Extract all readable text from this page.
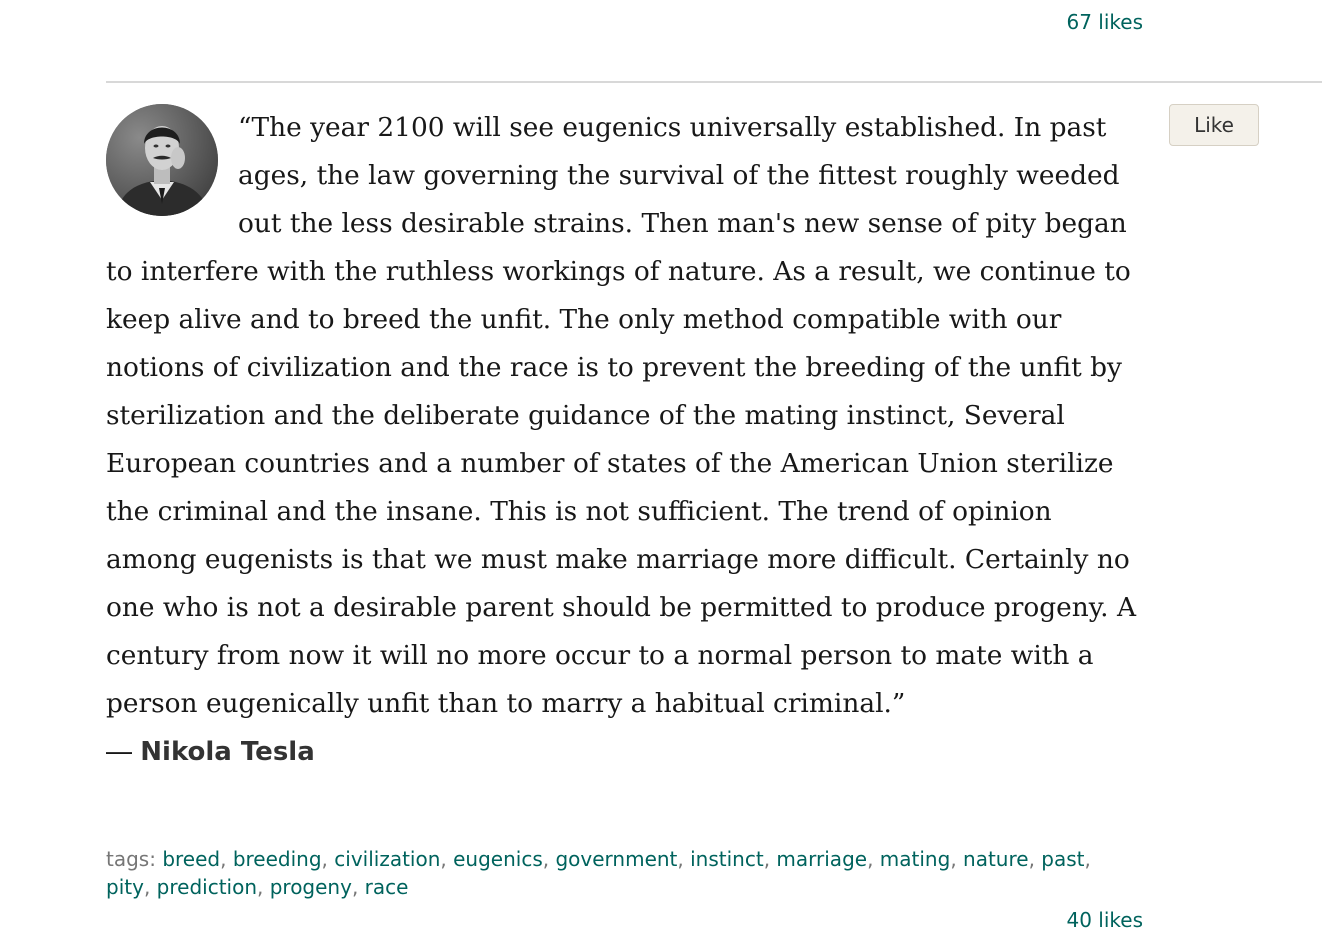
67 likes

“The year 2100 will see eugenics universally established. In past ages, the law governing the survival of the fittest roughly weeded out the less desirable strains. Then man's new sense of pity began to interfere with the ruthless workings of nature. As a result, we continue to keep alive and to breed the unfit. The only method compatible with our notions of civilization and the race is to prevent the breeding of the unfit by sterilization and the deliberate guidance of the mating instinct, Several European countries and a number of states of the American Union sterilize the criminal and the insane. This is not sufficient. The trend of opinion among eugenists is that we must make marriage more difficult. Certainly no one who is not a desirable parent should be permitted to produce progeny. A century from now it will no more occur to a normal person to mate with a person eugenically unfit than to marry a habitual criminal.”

― Nikola Tesla
Like
tags: breed, breeding, civilization, eugenics, government, instinct, marriage, mating, nature, past, pity, prediction, progeny, race
40 likes
